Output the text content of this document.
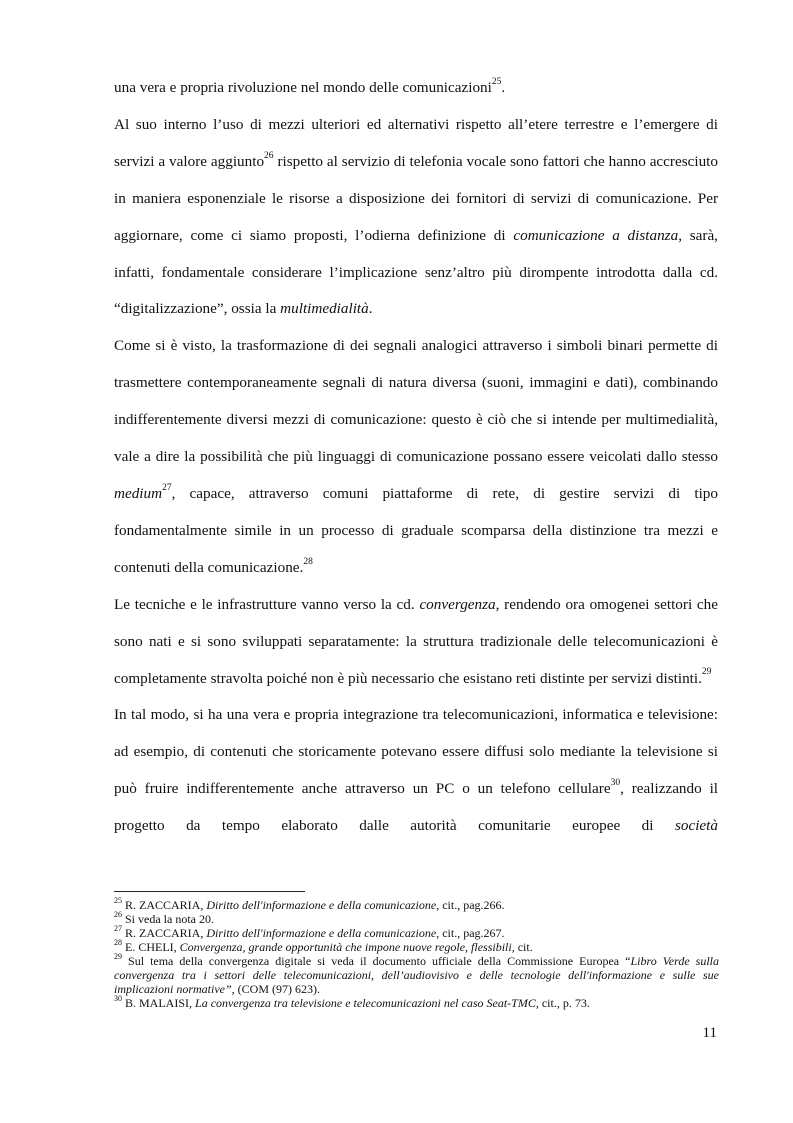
una vera e propria rivoluzione nel mondo delle comunicazioni$^{25}$.

Al suo interno l’uso di mezzi ulteriori ed alternativi rispetto all’etere terrestre e l’emergere di servizi a valore aggiunto$^{26}$ rispetto al servizio di telefonia vocale sono fattori che hanno accresciuto in maniera esponenziale le risorse a disposizione dei fornitori di servizi di comunicazione. Per aggiornare, come ci siamo proposti, l’odierna definizione di comunicazione a distanza, sarà, infatti, fondamentale considerare l’implicazione senz’altro più dirompente introdotta dalla cd. “digitalizzazione”, ossia la multimedialità.

Come si è visto, la trasformazione di dei segnali analogici attraverso i simboli binari permette di trasmettere contemporaneamente segnali di natura diversa (suoni, immagini e dati), combinando indifferentemente diversi mezzi di comunicazione: questo è ciò che si intende per multimedialità, vale a dire la possibilità che più linguaggi di comunicazione possano essere veicolati dallo stesso medium$^{27}$, capace, attraverso comuni piattaforme di rete, di gestire servizi di tipo fondamentalmente simile in un processo di graduale scomparsa della distinzione tra mezzi e contenuti della comunicazione.$^{28}$

Le tecniche e le infrastrutture vanno verso la cd. convergenza, rendendo ora omogenei settori che sono nati e si sono sviluppati separatamente: la struttura tradizionale delle telecomunicazioni è completamente stravolta poiché non è più necessario che esistano reti distinte per servizi distinti.$^{29}$

In tal modo, si ha una vera e propria integrazione tra telecomunicazioni, informatica e televisione: ad esempio, di contenuti che storicamente potevano essere diffusi solo mediante la televisione si può fruire indifferentemente anche attraverso un PC o un telefono cellulare$^{30}$, realizzando il progetto da tempo elaborato dalle autorità comunitarie europee di società

$^{25}$ R. ZACCARIA, Diritto dell'informazione e della comunicazione, cit., pag.266.

$^{26}$ Si veda la nota 20.

$^{27}$ R. ZACCARIA, Diritto dell'informazione e della comunicazione, cit., pag.267.

$^{28}$ E. CHELI, Convergenza, grande opportunità che impone nuove regole, flessibili, cit.

$^{29}$ Sul tema della convergenza digitale si veda il documento ufficiale della Commissione Europea “Libro Verde sulla convergenza tra i settori delle telecomunicazioni, dell’audiovisivo e delle tecnologie dell'informazione e sulle sue implicazioni normative”, (COM (97) 623).

$^{30}$ B. MALAISI, La convergenza tra televisione e telecomunicazioni nel caso Seat-TMC, cit., p. 73.

11
